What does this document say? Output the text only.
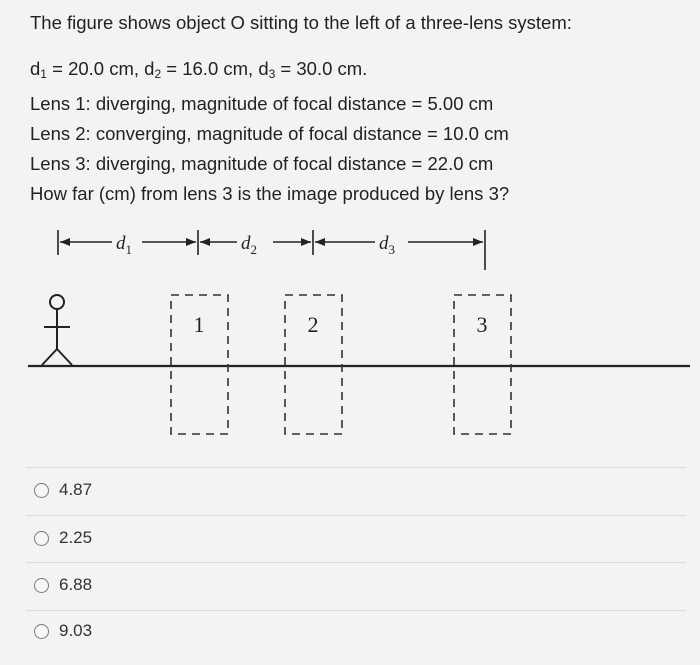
The figure shows object O sitting to the left of a three-lens system:
$d_1 = 20.0$ cm, $d_2 = 16.0$ cm, $d_3 = 30.0$ cm.
Lens 1: diverging, magnitude of focal distance = 5.00 cm
Lens 2: converging, magnitude of focal distance = 10.0 cm
Lens 3: diverging, magnitude of focal distance = 22.0 cm
How far (cm) from lens 3 is the image produced by lens 3?
$d_1$	$d_2$	$d_3$
1	2	3
4.87
2.25
6.88
9.03
